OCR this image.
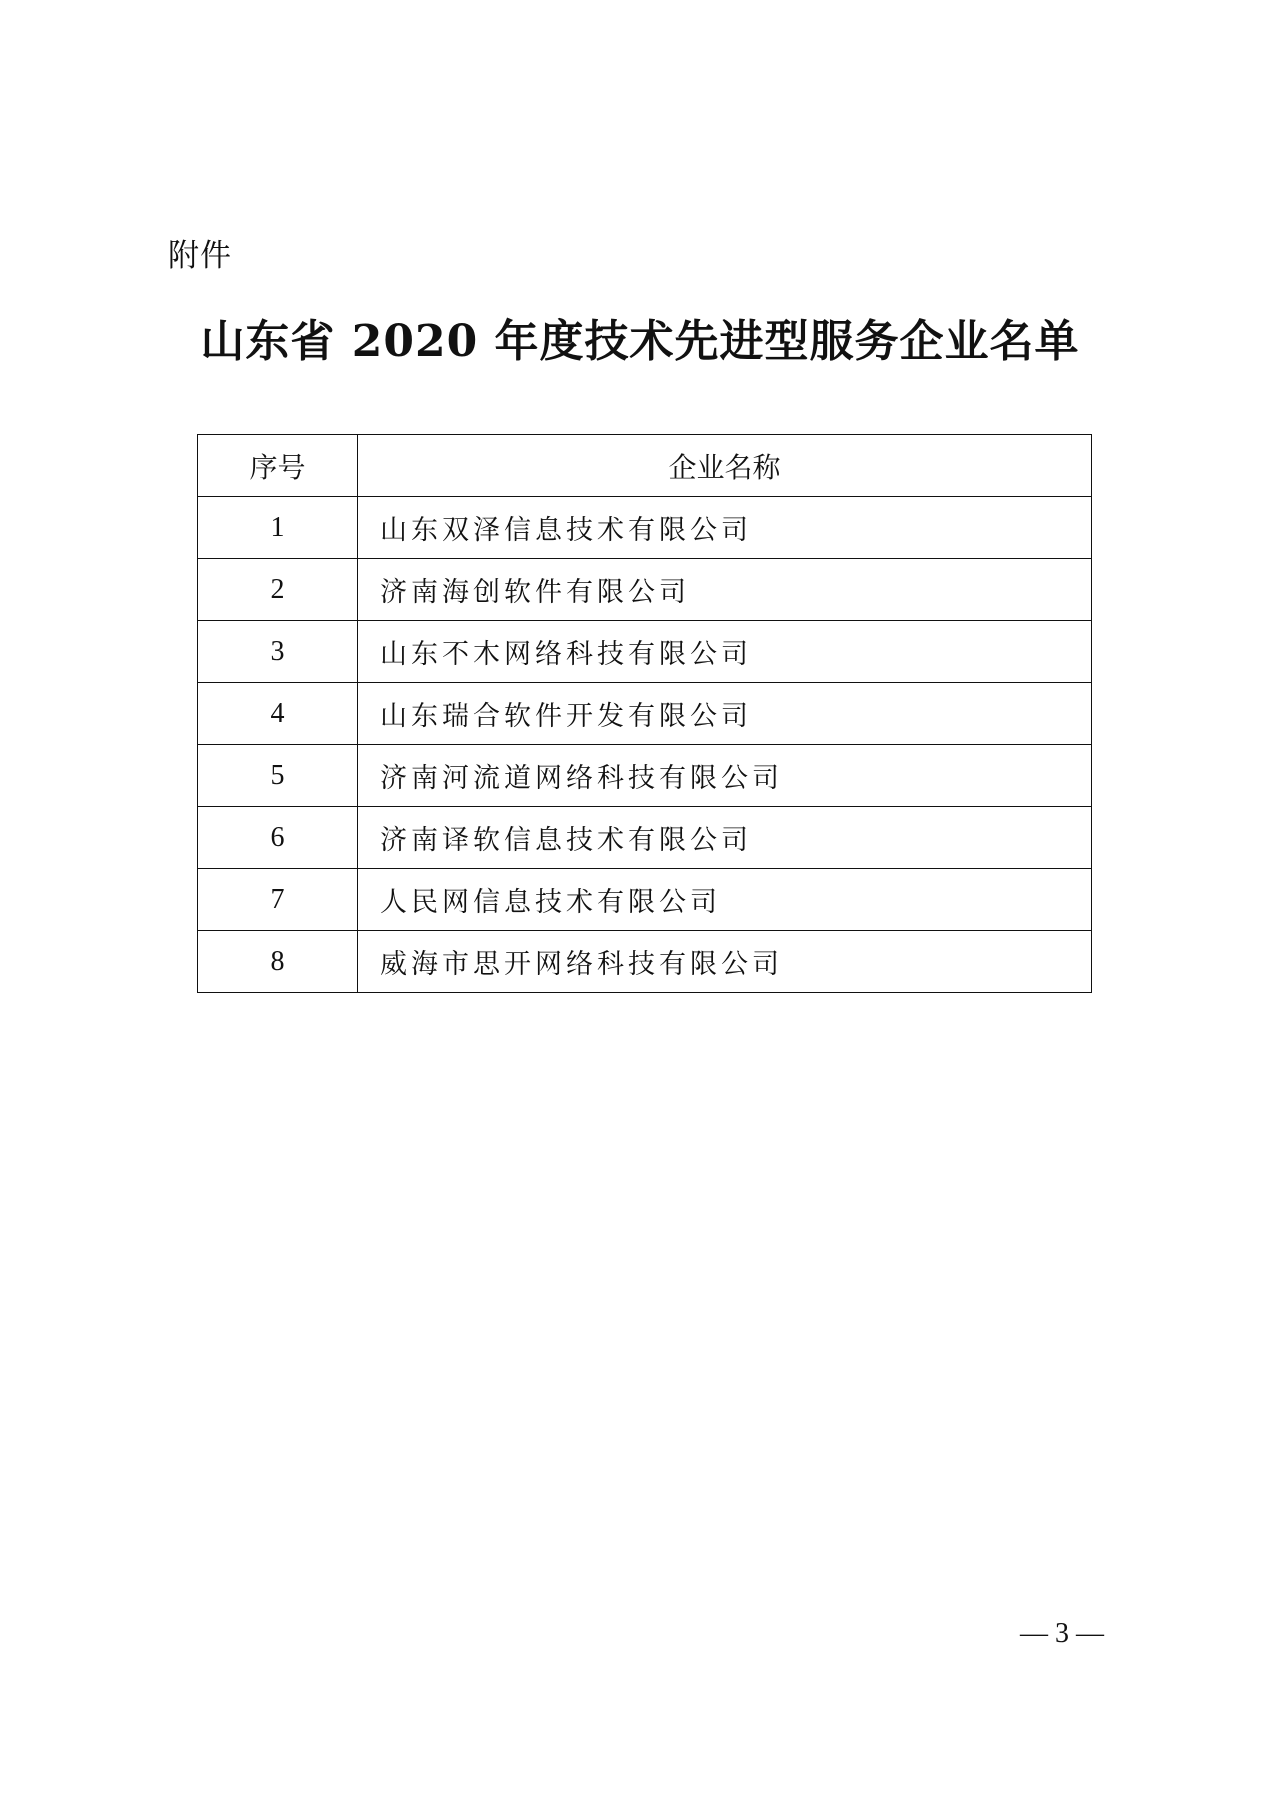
附件
山东省 2020 年度技术先进型服务企业名单
序号	企业名称
1	山东双泽信息技术有限公司
2	济南海创软件有限公司
3	山东不木网络科技有限公司
4	山东瑞合软件开发有限公司
5	济南河流道网络科技有限公司
6	济南译软信息技术有限公司
7	人民网信息技术有限公司
8	威海市思开网络科技有限公司
— 3 —
